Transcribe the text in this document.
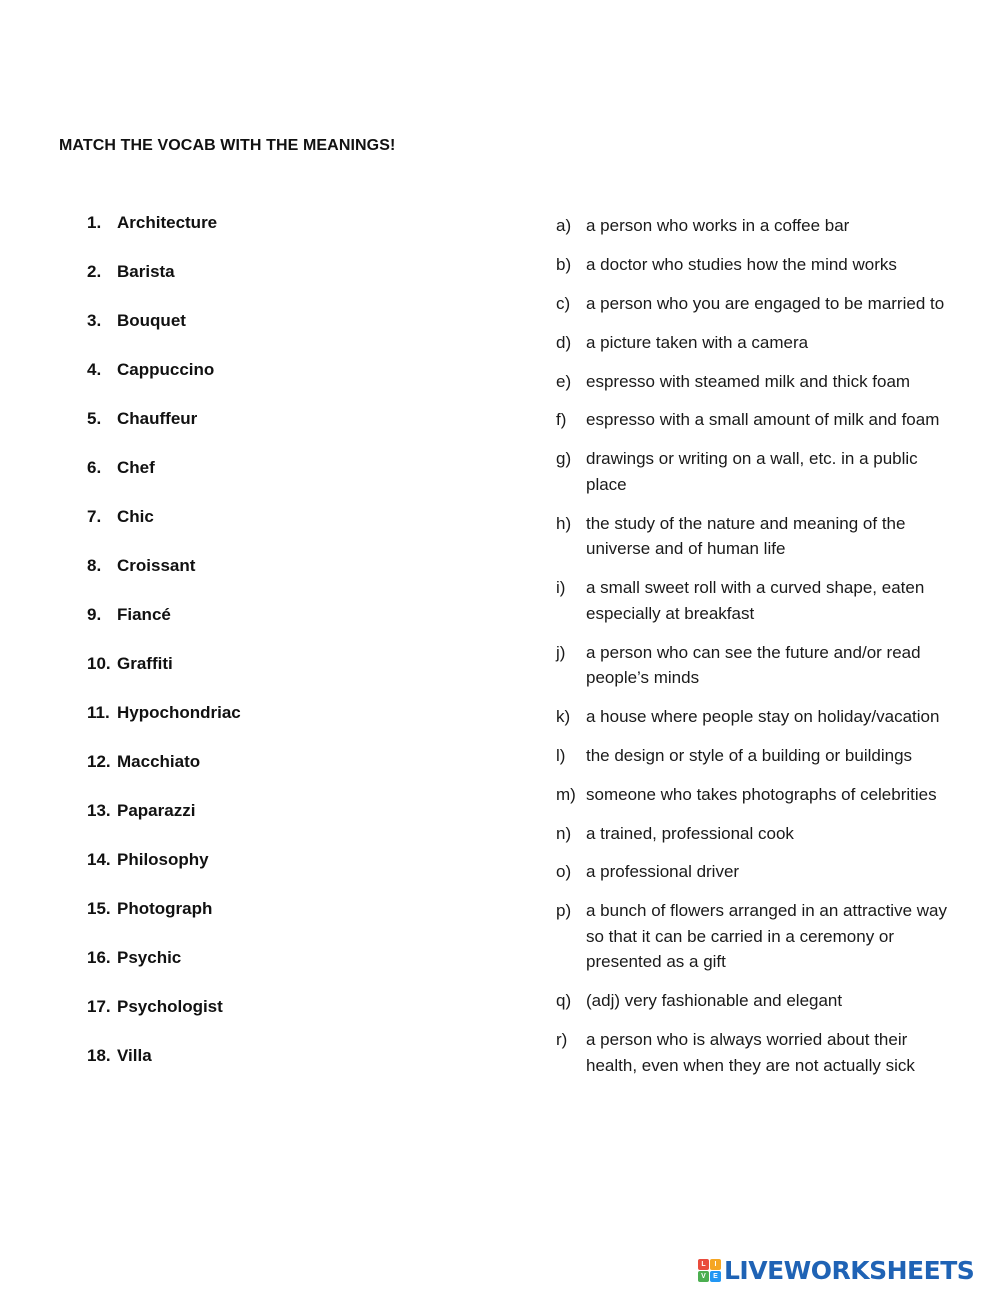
MATCH THE VOCAB WITH THE MEANINGS!
1. Architecture
2. Barista
3. Bouquet
4. Cappuccino
5. Chauffeur
6. Chef
7. Chic
8. Croissant
9. Fiancé
10. Graffiti
11. Hypochondriac
12. Macchiato
13. Paparazzi
14. Philosophy
15. Photograph
16. Psychic
17. Psychologist
18. Villa
a) a person who works in a coffee bar
b) a doctor who studies how the mind works
c) a person who you are engaged to be married to
d) a picture taken with a camera
e) espresso with steamed milk and thick foam
f)	espresso with a small amount of milk and foam
g) drawings or writing on a wall, etc. in a public place
h) the study of the nature and meaning of the universe and of human life
i)	a small sweet roll with a curved shape, eaten especially at breakfast
j)	a person who can see the future and/or read people’s minds
k) a house where people stay on holiday/vacation
l)	the design or style of a building or buildings
m) someone who takes photographs of celebrities
n) a trained, professional cook
o) a professional driver
p) a bunch of flowers arranged in an attractive way so that it can be carried in a ceremony or presented as a gift
q) (adj) very fashionable and elegant
r)	a person who is always worried about their health, even when they are not actually sick
L	I
V	E LIVEWORKSHEETS
